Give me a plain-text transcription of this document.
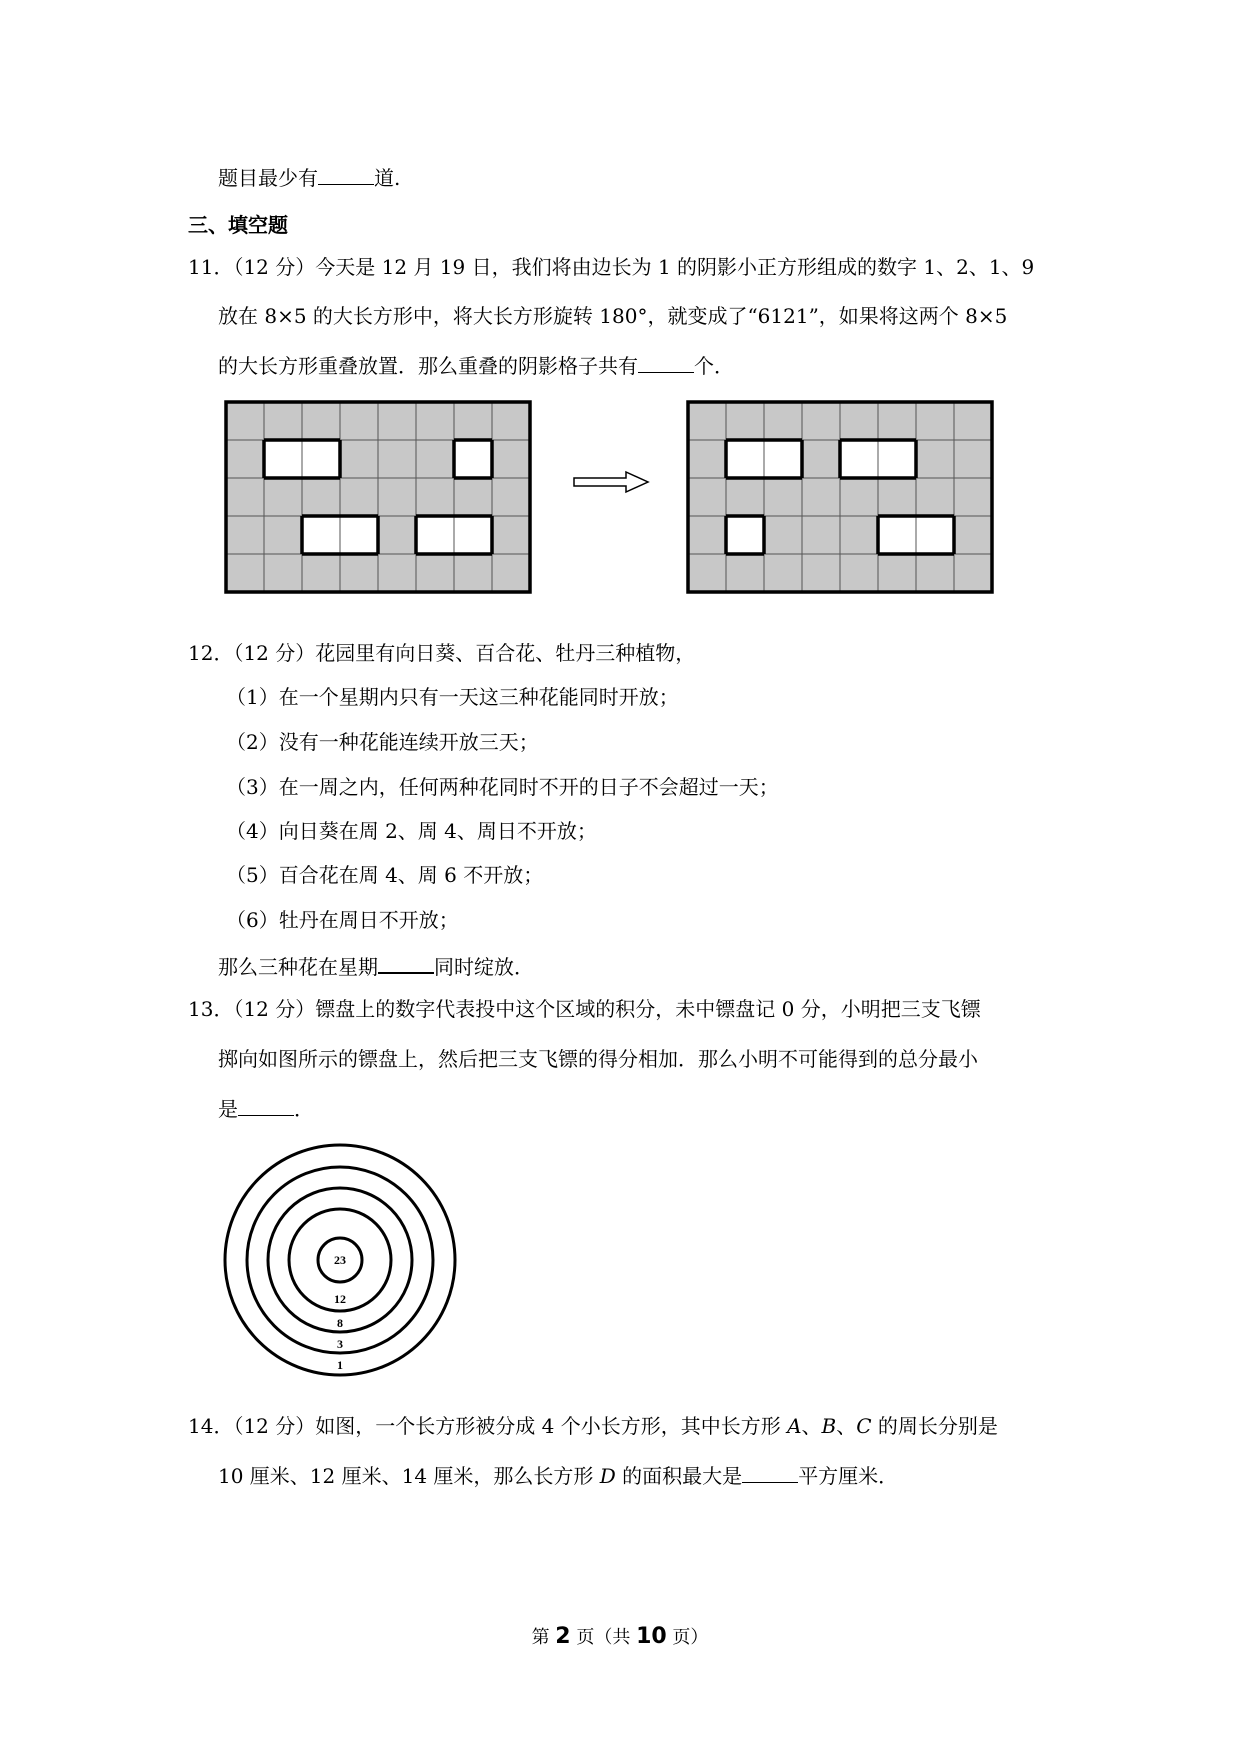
题目最少有	道.
三、填空题
11．（12 分）今天是 12 月 19 日，我们将由边长为 1 的阴影小正方形组成的数字 1、2、1、9
放在 8×5 的大长方形中，将大长方形旋转 180°，就变成了“6121”，如果将这两个 8×5
的大长方形重叠放置．那么重叠的阴影格子共有	个．
12．（12 分）花园里有向日葵、百合花、牡丹三种植物，
（1）在一个星期内只有一天这三种花能同时开放；
（2）没有一种花能连续开放三天；
（3）在一周之内，任何两种花同时不开的日子不会超过一天；
（4）向日葵在周 2、周 4、周日不开放；
（5）百合花在周 4、周 6 不开放；
（6）牡丹在周日不开放；
那么三种花在星期	同时绽放．
13．（12 分）镖盘上的数字代表投中这个区域的积分，未中镖盘记 0 分，小明把三支飞镖
掷向如图所示的镖盘上，然后把三支飞镖的得分相加．那么小明不可能得到的总分最小
是	．
23
12
8
3
1
14．（12 分）如图，一个长方形被分成 4 个小长方形，其中长方形 A、B、C 的周长分别是
10 厘米、12 厘米、14 厘米，那么长方形 D 的面积最大是	平方厘米．
第 2 页（共 10 页）
